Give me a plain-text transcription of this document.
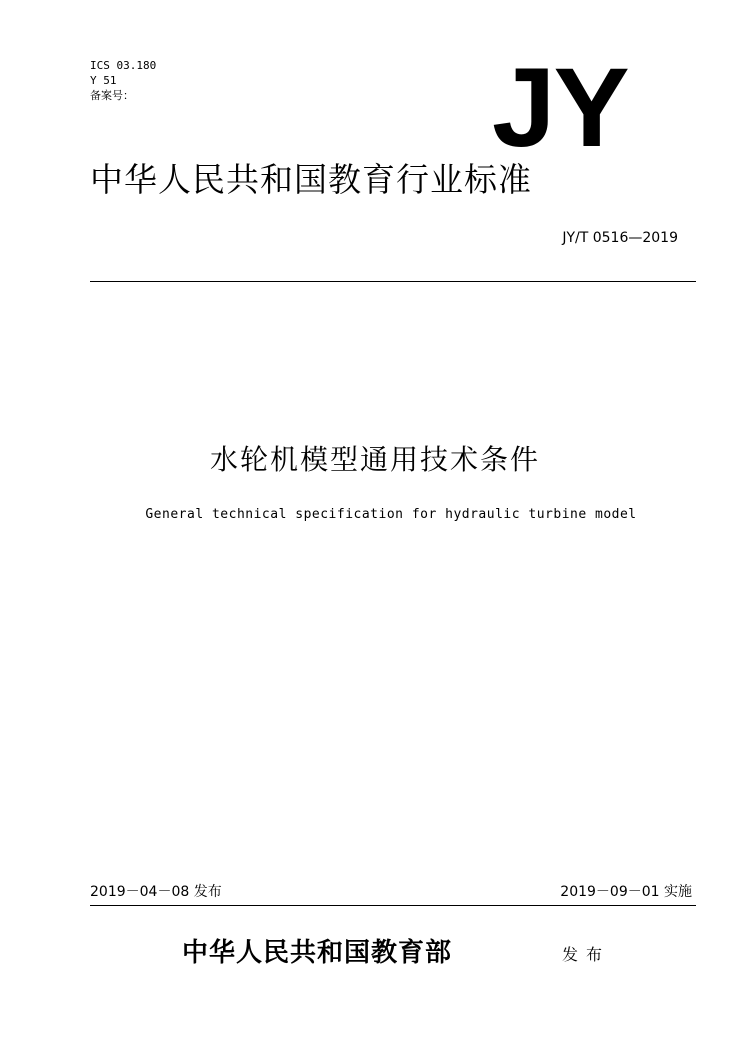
ICS 03.180
Y 51
备案号：	JY
中华人民共和国教育行业标准
JY/T 0516—2019
水轮机模型通用技术条件
General technical specification for hydraulic turbine model
2019－04－08 发布	2019－09－01 实施
中华人民共和国教育部	发布
